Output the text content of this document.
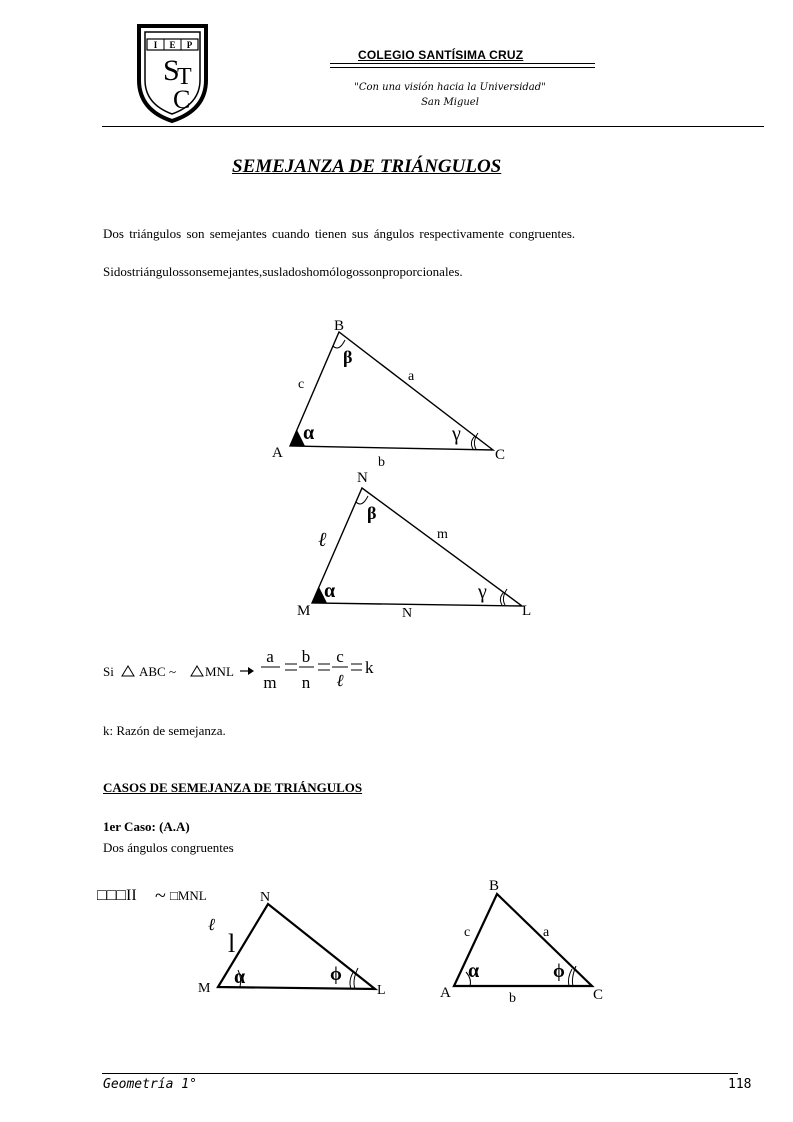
I E P
S
T
C
COLEGIO SANTÍSIMA CRUZ
"Con una visión hacia la Universidad"
San Miguel
SEMEJANZA DE TRIÁNGULOS
Dos triángulos son semejantes cuando tienen sus ángulos respectivamente congruentes.
Sidostriángulossonsemejantes,susladoshomólogossonproporcionales.
B
A	C
c
a
b
β
α	γ
N
M	L
ℓ	m
N
β
α	γ
Si ABC ~ MNL
a
m
b
n
c
ℓ
k
k: Razón de semejanza.
CASOS DE SEMEJANZA DE TRIÁNGULOS
1er Caso: (A.A)
Dos ángulos congruentes
□□□II ~ □MNL	N
M	L
ℓ
l
α	ϕ
B
A	C
c	a
b
α	ϕ
Geometría 1°	118
